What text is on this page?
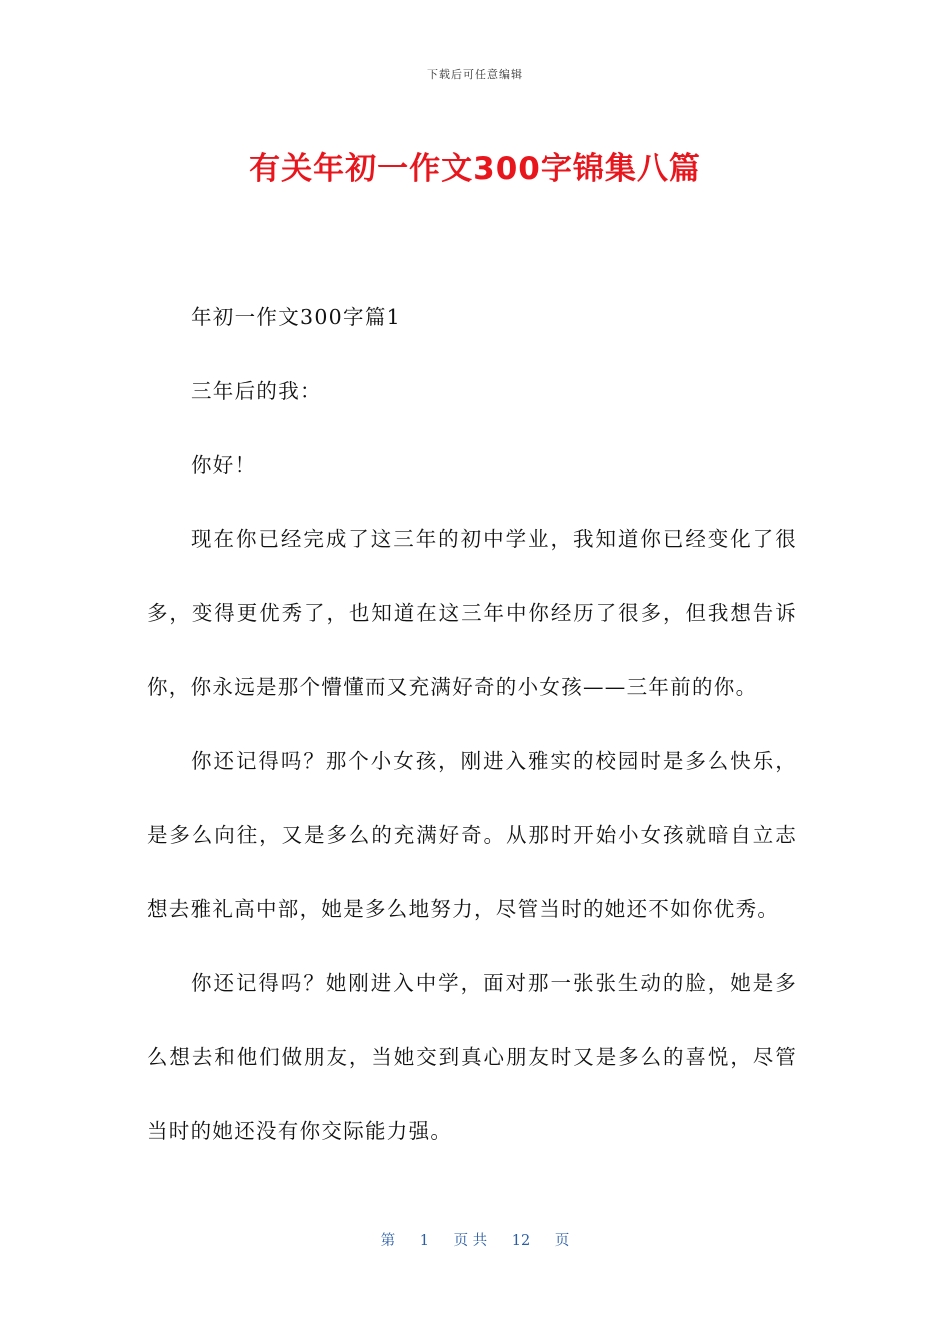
下载后可任意编辑
有关年初一作文300字锦集八篇

年初一作文300字篇1

三年后的我：

你好！

现在你已经完成了这三年的初中学业，我知道你已经变化了很多，变得更优秀了，也知道在这三年中你经历了很多，但我想告诉你，你永远是那个懵懂而又充满好奇的小女孩——三年前的你。

你还记得吗？那个小女孩，刚进入雅实的校园时是多么快乐，是多么向往，又是多么的充满好奇。从那时开始小女孩就暗自立志想去雅礼高中部，她是多么地努力，尽管当时的她还不如你优秀。

你还记得吗？她刚进入中学，面对那一张张生动的脸，她是多么想去和他们做朋友，当她交到真心朋友时又是多么的喜悦，尽管当时的她还没有你交际能力强。

第 1 页 共 12 页
